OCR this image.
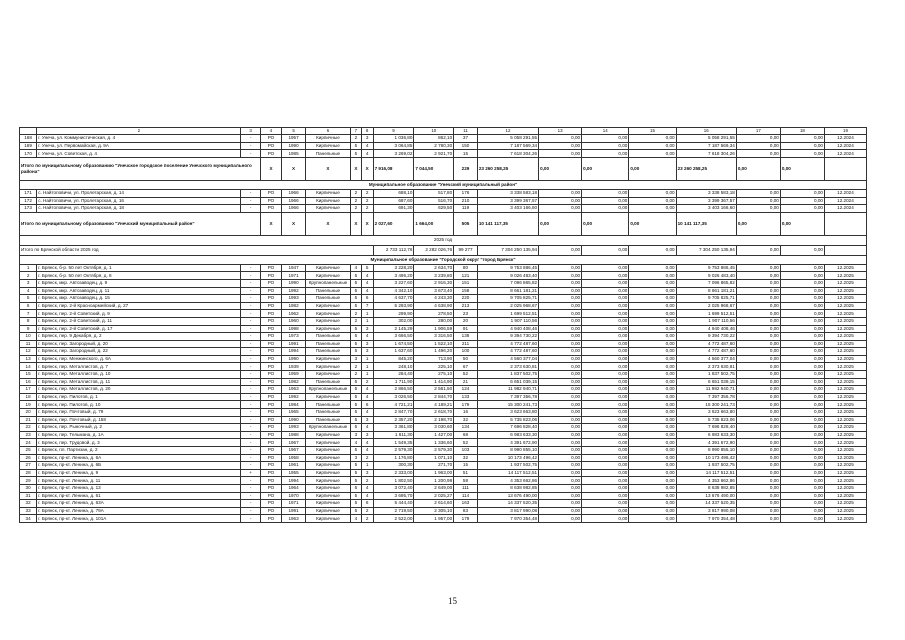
	2	3	4	5	6	7	8	9	10	11	12	13	14	15	16	17	18	19
168	г. Унеча, ул. Коммунистическая, д. 4	-	РО	1957	Кирпичные	2	3	1 036,80	862,10	37	5 058 291,55	0,00	0,00	0,00	5 058 291,55	0,00	0,00	12.2024
169	г. Унеча, ул. Первомайская, д. 9А	-	РО	1990	Кирпичные	5	4	3 064,85	2 780,30	150	7 187 569,34	0,00	0,00	0,00	7 187 569,34	0,00	0,00	12.2024
170	г. Унеча, ул. Советская, д. 4	-	РО	1985	Панельные	5	4	3 269,02	2 921,70	15	7 618 304,26	0,00	0,00	0,00	7 618 304,26	0,00	0,00	12.2024
Итого по муниципальному образованию "Унечское городское поселение Унечского муниципального района"			X	X	X	X	X	7 916,08	7 044,50	229	23 260 258,25	0,00	0,00	0,00	23 260 258,25	0,00	0,00	
Муниципальное образование "Унечский муниципальный район"																		
171	с. Найтоповичи, ул. Пролетарская, д. 14	-	РО	1966	Кирпичные	2	2	688,10	517,80	176	3 338 583,18	0,00	0,00	0,00	3 338 583,18	0,00	0,00	12.2024
172	с. Найтоповичи, ул. Пролетарская, д. 16	-	РО	1966	Кирпичные	2	2	687,60	516,70	210	3 399 367,57	0,00	0,00	0,00	3 399 367,57	0,00	0,00	12.2024
173	с. Найтоповичи, ул. Пролетарская, д. 18	-	РО	1966	Кирпичные	2	2	691,30	629,50	119	3 403 166,60	0,00	0,00	0,00	3 403 166,60	0,00	0,00	12.2024
Итого по муниципальному образованию "Унечский муниципальный район"			X	X	X	X	X	2 027,60	1 664,00	505	10 141 117,35	0,00	0,00	0,00	10 141 117,35	0,00	0,00	
2025 год																		
Итого по Брянской области 2025 год								2 733 112,76	2 282 026,76	99 277	7 304 250 135,94	0,00	0,00	0,00	7 304 250 135,94	0,00	0,00	
Муниципальное образование "Городской округ "город Брянск"																		
1	г. Брянск, б-р. 50 лет Октября, д. 1	-	РО	1947	Кирпичные	4	5	3 228,20	2 634,70	80	9 753 886,45	0,00	0,00	0,00	9 753 886,45	0,00	0,00	12.2025
2	г. Брянск, б-р. 50 лет Октября, д. 8	-	РО	1971	Кирпичные	5	4	3 495,20	3 239,80	121	9 026 483,40	0,00	0,00	0,00	9 026 483,40	0,00	0,00	12.2025
3	г. Брянск, мкр. Автозаводец, д. 9	-	РО	1990	Крупнопанельные	5	4	3 227,60	2 916,30	151	7 096 865,82	0,00	0,00	0,00	7 096 865,82	0,00	0,00	12.2025
4	г. Брянск, мкр. Автозаводец, д. 11	-	РО	1992	Панельные	5	4	4 342,10	3 673,40	158	8 661 181,21	0,00	0,00	0,00	8 661 181,21	0,00	0,00	12.2025
5	г. Брянск, мкр. Автозаводец, д. 15	-	РО	1993	Панельные	5	6	4 637,70	4 243,30	220	9 705 825,71	0,00	0,00	0,00	9 705 825,71	0,00	0,00	12.2025
6	г. Брянск, пер. 2-й Красноармейский, д. 27	-	РО	1982	Кирпичные	5	7	5 293,90	4 638,90	213	2 025 968,67	0,00	0,00	0,00	2 025 968,67	0,00	0,00	12.2025
7	г. Брянск, пер. 2-й Советский, д. 9	-	РО	1962	Кирпичные	2	1	299,90	278,50	23	1 699 512,51	0,00	0,00	0,00	1 699 512,51	0,00	0,00	12.2025
8	г. Брянск, пер. 2-й Советский, д. 11	-	РО	1960	Кирпичные	2	1	302,00	280,00	20	1 907 110,56	0,00	0,00	0,00	1 907 110,56	0,00	0,00	12.2025
9	г. Брянск, пер. 2-й Советский, д. 17	-	РО	1998	Кирпичные	5	3	2 145,29	1 906,59	91	4 940 408,46	0,00	0,00	0,00	4 940 408,46	0,00	0,00	12.2025
10	г. Брянск, пер. 9 Декабря, д. 2	-	РО	1973	Панельные	5	4	3 666,50	3 316,50	138	9 394 730,22	0,00	0,00	0,00	9 394 730,22	0,00	0,00	12.2025
11	г. Брянск, пер. Загородный, д. 20	-	РО	1991	Панельные	5	3	1 674,50	1 522,10	211	4 772 487,60	0,00	0,00	0,00	4 772 487,60	0,00	0,00	12.2025
12	г. Брянск, пер. Загородный, д. 22	-	РО	1994	Панельные	5	3	1 637,60	1 496,20	100	4 772 487,60	0,00	0,00	0,00	4 772 487,60	0,00	0,00	12.2025
13	г. Брянск, пер. Менжинского, д. 6А	-	РО	1990	Кирпичные	3	1	845,20	713,90	50	4 560 377,04	0,00	0,00	0,00	4 560 377,04	0,00	0,00	12.2025
14	г. Брянск, пер. Металлистов, д. 7	-	РО	1939	Кирпичные	2	1	248,10	225,10	67	2 373 630,81	0,00	0,00	0,00	2 373 630,81	0,00	0,00	12.2025
15	г. Брянск, пер. Металлистов, д. 10	-	РО	1959	Кирпичные	2	1	284,40	275,10	52	1 837 502,75	0,00	0,00	0,00	1 837 502,75	0,00	0,00	12.2025
16	г. Брянск, пер. Металлистов, д. 11	-	РО	1982	Панельные	5	2	1 711,90	1 414,90	21	6 651 039,15	0,00	0,00	0,00	6 651 039,15	0,00	0,00	12.2025
17	г. Брянск, пер. Металлистов, д. 20	-	РО	1963	Крупнопанельные	5	4	2 866,50	2 561,50	124	11 982 940,71	0,00	0,00	0,00	11 982 940,71	0,00	0,00	12.2025
18	г. Брянск, пер. Пилотов, д. 1	-	РО	1992	Кирпичные	5	4	3 026,50	2 844,70	133	7 397 356,78	0,00	0,00	0,00	7 397 356,78	0,00	0,00	12.2025
19	г. Брянск, пер. Пилотов, д. 10	-	РО	1984	Панельные	5	6	4 721,21	4 189,21	179	15 300 241,73	0,00	0,00	0,00	15 300 241,73	0,00	0,00	12.2025
20	г. Брянск, пер. Почтовый, д. 79	-	РО	1965	Панельные	5	4	2 847,70	2 618,70	16	3 623 663,80	0,00	0,00	0,00	3 623 663,80	0,00	0,00	12.2025
21	г. Брянск, пер. Почтовый, д. 158	-	РО	1990	Панельные	5	3	2 357,20	2 198,70	32	5 735 823,06	0,00	0,00	0,00	5 735 823,06	0,00	0,00	12.2025
22	г. Брянск, пер. Рыночный, д. 2	-	РО	1993	Крупнопанельные	5	4	3 361,80	3 030,60	134	7 696 828,40	0,00	0,00	0,00	7 696 828,40	0,00	0,00	12.2025
23	г. Брянск, пер. Тельмана, д. 1А	-	РО	1988	Кирпичные	3	3	1 611,30	1 427,00	68	6 983 633,30	0,00	0,00	0,00	6 983 633,30	0,00	0,00	12.2025
24	г. Брянск, пер. Трудовой, д. 3	-	РО	1967	Кирпичные	4	4	1 549,35	1 336,60	52	4 391 672,90	0,00	0,00	0,00	4 391 672,90	0,00	0,00	12.2025
25	г. Брянск, пл. Партизан, д. 2	-	РО	1967	Кирпичные	5	4	2 579,30	2 579,30	103	8 990 855,10	0,00	0,00	0,00	8 990 855,10	0,00	0,00	12.2025
26	г. Брянск, пр-кт. Ленина, д. 6А	-	РО	1958	Кирпичные	3	2	1 176,80	1 071,10	32	10 173 496,42	0,00	0,00	0,00	10 173 496,42	0,00	0,00	12.2025
27	г. Брянск, пр-кт. Ленина, д. 6Б	-	РО	1961	Кирпичные	5	1	300,30	271,70	15	1 937 502,75	0,00	0,00	0,00	1 937 502,75	0,00	0,00	12.2025
28	г. Брянск, пр-кт. Ленина, д. 9	+	РО	1955	Кирпичные	5	3	2 333,00	1 963,00	51	14 117 512,51	0,00	0,00	0,00	14 117 512,51	0,00	0,00	12.2025
29	г. Брянск, пр-кт. Ленина, д. 11	-	РО	1994	Кирпичные	5	2	1 802,50	1 200,98	58	4 353 662,86	0,00	0,00	0,00	4 353 662,86	0,00	0,00	12.2025
30	г. Брянск, пр-кт. Ленина, д. 13	-	РО	1964	Кирпичные	5	4	3 072,40	2 649,00	111	8 638 982,85	0,00	0,00	0,00	8 638 982,85	0,00	0,00	12.2025
31	г. Брянск, пр-кт. Ленина, д. 61	-	РО	1970	Кирпичные	5	4	3 695,70	2 025,27	114	13 676 490,00	0,00	0,00	0,00	13 676 490,00	0,00	0,00	12.2025
32	г. Брянск, пр-кт. Ленина, д. 63А	-	РО	1971	Кирпичные	5	6	5 444,40	2 614,60	163	14 337 520,35	0,00	0,00	0,00	14 337 520,35	0,00	0,00	12.2025
33	г. Брянск, пр-кт. Ленина, д. 79А	-	РО	1991	Кирпичные	5	2	2 719,50	2 305,10	83	3 817 990,08	0,00	0,00	0,00	3 817 990,08	0,00	0,00	12.2025
34	г. Брянск, пр-кт. Ленина, д. 101А	-	РО	1963	Кирпичные	4	2	2 522,00	1 957,00	179	7 970 354,48	0,00	0,00	0,00	7 970 354,48	0,00	0,00	12.2025
15
